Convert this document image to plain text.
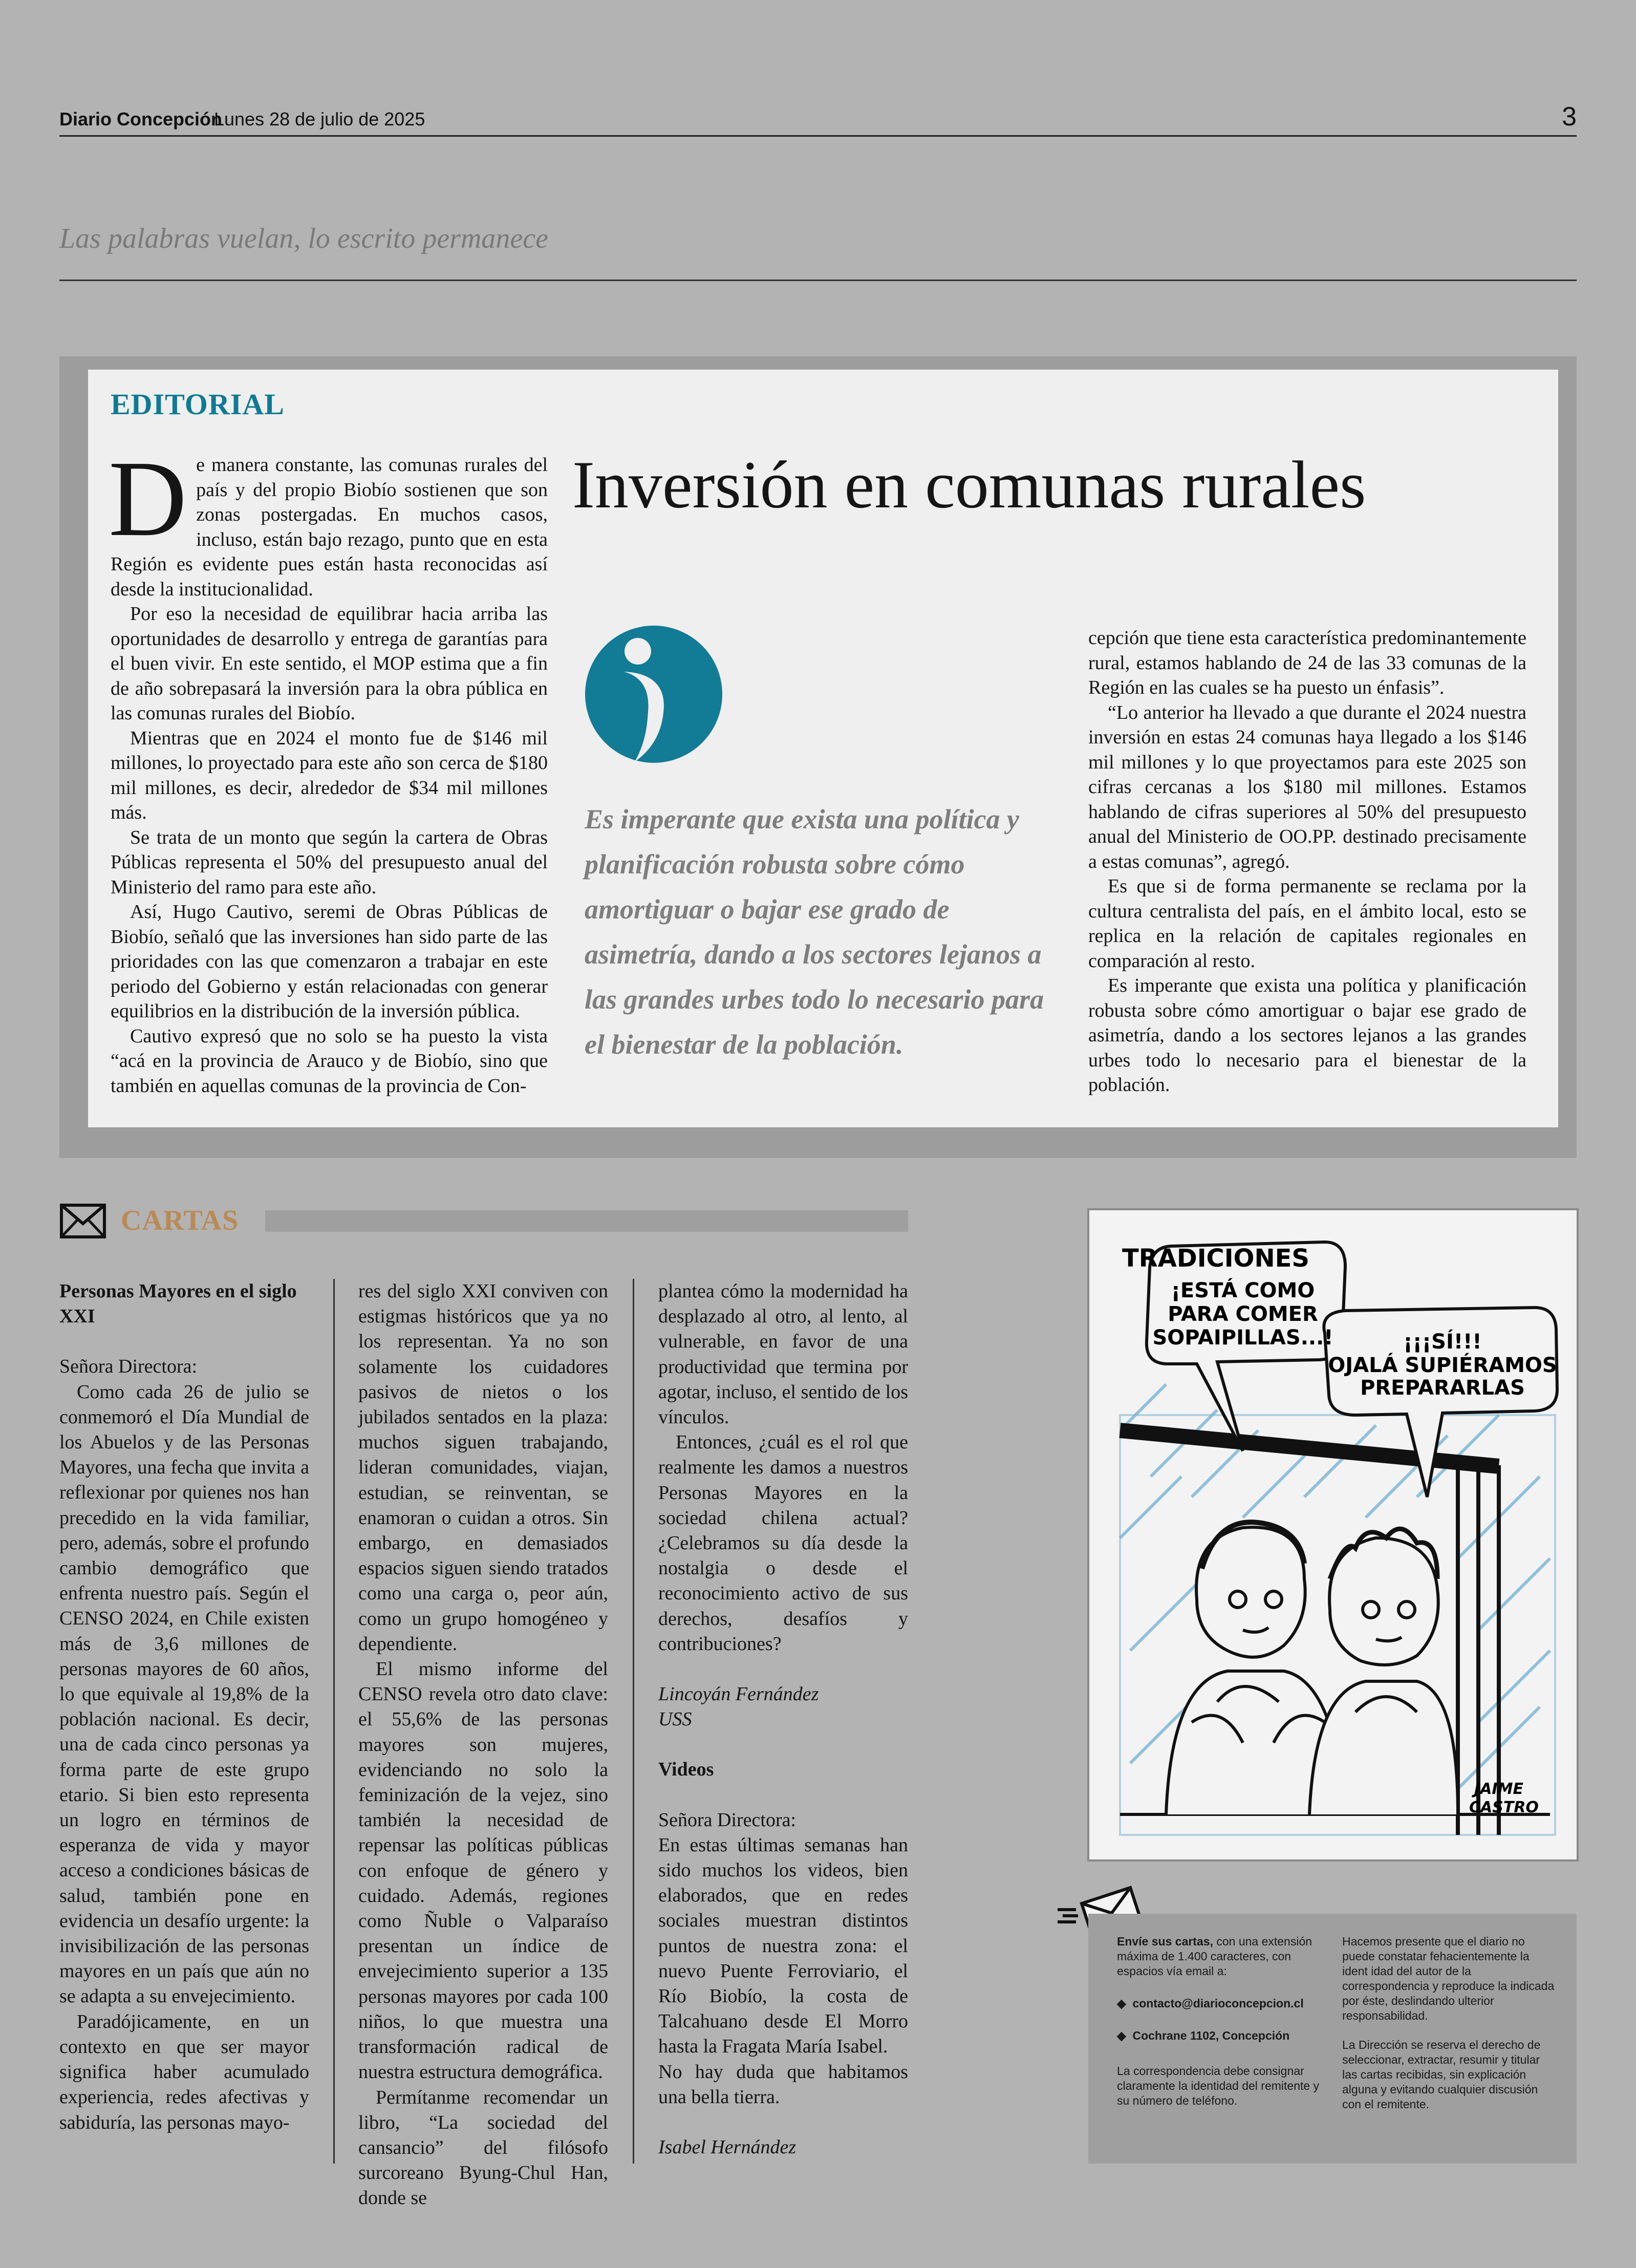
Diario Concepción
Lunes 28 de julio de 2025	3
Las palabras vuelan, lo escrito permanece
EDITORIAL
Inversión en comunas rurales
D e manera constante, las comunas rurales del país y del propio Biobío sostienen que son zonas postergadas. En muchos casos, incluso, están bajo rezago, punto que en esta Región es evidente pues están hasta reconocidas así desde la institucionalidad.

Por eso la necesidad de equilibrar hacia arriba las oportunidades de desarrollo y entrega de garantías para el buen vivir. En este sentido, el MOP estima que a fin de año sobrepasará la inversión para la obra pública en las comunas rurales del Biobío.

Mientras que en 2024 el monto fue de $146 mil millones, lo proyectado para este año son cerca de $180 mil millones, es decir, alrededor de $34 mil millones más.

Se trata de un monto que según la cartera de Obras Públicas representa el 50% del presupuesto anual del Ministerio del ramo para este año.

Así, Hugo Cautivo, seremi de Obras Públicas de Biobío, señaló que las inversiones han sido parte de las prioridades con las que comenzaron a trabajar en este periodo del Gobierno y están relacionadas con generar equilibrios en la distribución de la inversión pública.

Cautivo expresó que no solo se ha puesto la vista “acá en la provincia de Arauco y de Biobío, sino que también en aquellas comunas de la provincia de Con-

Es imperante que exista una política y planificación robusta sobre cómo amortiguar o bajar ese grado de asimetría, dando a los sectores lejanos a las grandes urbes todo lo necesario para el bienestar de la población.

cepción que tiene esta característica predominantemente rural, estamos hablando de 24 de las 33 comunas de la Región en las cuales se ha puesto un énfasis”.

“Lo anterior ha llevado a que durante el 2024 nuestra inversión en estas 24 comunas haya llegado a los $146 mil millones y lo que proyectamos para este 2025 son cifras cercanas a los $180 mil millones. Estamos hablando de cifras superiores al 50% del presupuesto anual del Ministerio de OO.PP. destinado precisamente a estas comunas”, agregó.

Es que si de forma permanente se reclama por la cultura centralista del país, en el ámbito local, esto se replica en la relación de capitales regionales en comparación al resto.

Es imperante que exista una política y planificación robusta sobre cómo amortiguar o bajar ese grado de asimetría, dando a los sectores lejanos a las grandes urbes todo lo necesario para el bienestar de la población.

CARTAS

Personas Mayores en el siglo XXI

Señora Directora:

Como cada 26 de julio se conmemoró el Día Mundial de los Abuelos y de las Personas Mayores, una fecha que invita a reflexionar por quienes nos han precedido en la vida familiar, pero, además, sobre el profundo cambio demográfico que enfrenta nuestro país. Según el CENSO 2024, en Chile existen más de 3,6 millones de personas mayores de 60 años, lo que equivale al 19,8% de la población nacional. Es decir, una de cada cinco personas ya forma parte de este grupo etario. Si bien esto representa un logro en términos de esperanza de vida y mayor acceso a condiciones básicas de salud, también pone en evidencia un desafío urgente: la invisibilización de las personas mayores en un país que aún no se adapta a su envejecimiento.

Paradójicamente, en un contexto en que ser mayor significa haber acumulado experiencia, redes afectivas y sabiduría, las personas mayo-

res del siglo XXI conviven con estigmas históricos que ya no los representan. Ya no son solamente los cuidadores pasivos de nietos o los jubilados sentados en la plaza: muchos siguen trabajando, lideran comunidades, viajan, estudian, se reinventan, se enamoran o cuidan a otros. Sin embargo, en demasiados espacios siguen siendo tratados como una carga o, peor aún, como un grupo homogéneo y dependiente.

El mismo informe del CENSO revela otro dato clave: el 55,6% de las personas mayores son mujeres, evidenciando no solo la feminización de la vejez, sino también la necesidad de repensar las políticas públicas con enfoque de género y cuidado. Además, regiones como Ñuble o Valparaíso presentan un índice de envejecimiento superior a 135 personas mayores por cada 100 niños, lo que muestra una transformación radical de nuestra estructura demográfica.

Permítanme recomendar un libro, “La sociedad del cansancio” del filósofo surcoreano Byung-Chul Han, donde se

plantea cómo la modernidad ha desplazado al otro, al lento, al vulnerable, en favor de una productividad que termina por agotar, incluso, el sentido de los vínculos.

Entonces, ¿cuál es el rol que realmente les damos a nuestros Personas Mayores en la sociedad chilena actual? ¿Celebramos su día desde la nostalgia o desde el reconocimiento activo de sus derechos, desafíos y contribuciones?

Lincoyán Fernández

USS

Videos

Señora Directora:

En estas últimas semanas han sido muchos los videos, bien elaborados, que en redes sociales muestran distintos puntos de nuestra zona: el nuevo Puente Ferroviario, el Río Biobío, la costa de Talcahuano desde El Morro hasta la Fragata María Isabel.

No hay duda que habitamos una bella tierra.

Isabel Hernández

TRADICIONES
¡ESTÁ COMO
PARA COMER
SOPAIPILLAS...!	¡¡¡SÍ!!!
OJALÁ SUPIÉRAMOS
PREPARARLAS
JAIME
CASTRO
Envíe sus cartas, con una extensión máxima de 1.400 caracteres, con espacios vía email a:
◆  contacto@diarioconcepcion.cl
◆  Cochrane 1102, Concepción
La correspondencia debe consignar claramente la identidad del remitente y su número de teléfono.
Hacemos presente que el diario no puede constatar fehacientemente la ident idad del autor de la correspondencia y reproduce la indicada por éste, deslindando ulterior responsabilidad.
La Dirección se reserva el derecho de seleccionar, extractar, resumir y titular las cartas recibidas, sin explicación alguna y evitando cualquier discusión con el remitente.
